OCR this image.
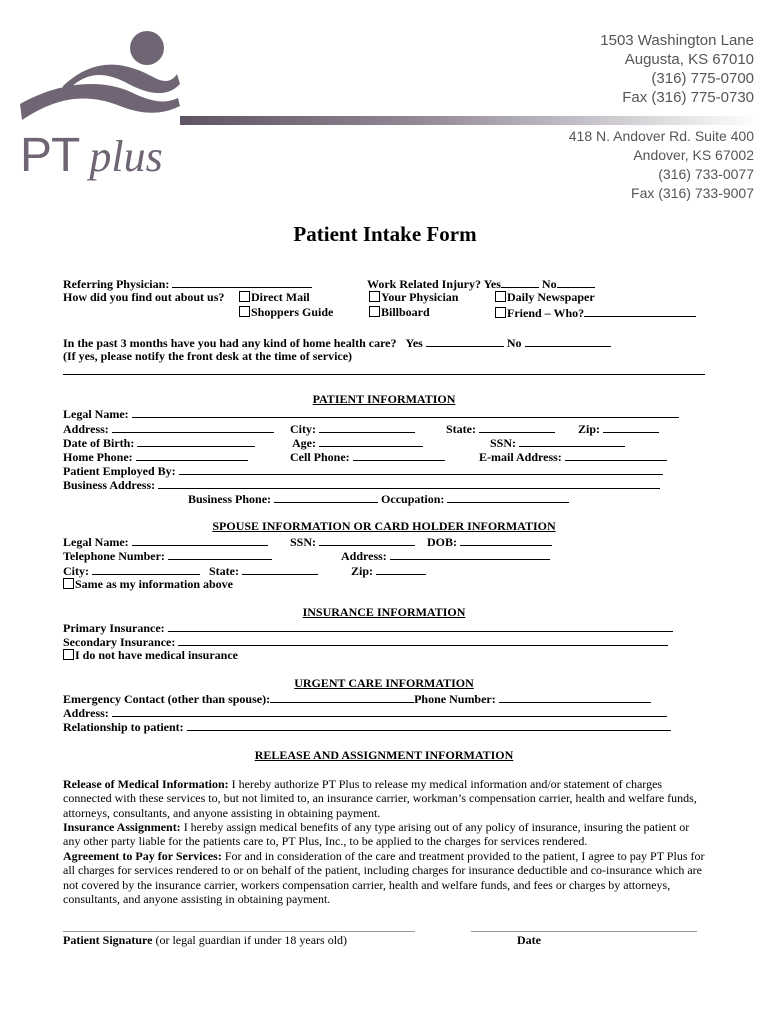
PT plus
1503 Washington Lane
Augusta, KS 67010
(316) 775-0700
Fax (316) 775-0730
418 N. Andover Rd. Suite 400
Andover, KS 67002
(316) 733-0077
Fax (316) 733-9007
Patient Intake Form
Referring Physician:	Work Related Injury? Yes	No
How did you find out about us?	Direct Mail	Your Physician	Daily Newspaper
Shoppers Guide	Billboard	Friend – Who?
In the past 3 months have you had any kind of home health care? Yes	No
(If yes, please notify the front desk at the time of service)
PATIENT INFORMATION
Legal Name:
Address:	City:	State:	Zip:
Date of Birth:	Age:	SSN:
Home Phone:	Cell Phone:	E-mail Address:
Patient Employed By:
Business Address:
Business Phone:	Occupation:
SPOUSE INFORMATION OR CARD HOLDER INFORMATION
Legal Name:	SSN:	DOB:
Telephone Number:	Address:
City:	State:	Zip:
Same as my information above
INSURANCE INFORMATION
Primary Insurance:
Secondary Insurance:
I do not have medical insurance
URGENT CARE INFORMATION
Emergency Contact (other than spouse):	Phone Number:
Address:
Relationship to patient:
RELEASE AND ASSIGNMENT INFORMATION
Release of Medical Information: I hereby authorize PT Plus to release my medical information and/or statement of charges connected with these services to, but not limited to, an insurance carrier, workman’s compensation carrier, health and welfare funds, attorneys, consultants, and anyone assisting in obtaining payment.
Insurance Assignment: I hereby assign medical benefits of any type arising out of any policy of insurance, insuring the patient or any other party liable for the patients care to, PT Plus, Inc., to be applied to the charges for services rendered.
Agreement to Pay for Services: For and in consideration of the care and treatment provided to the patient, I agree to pay PT Plus for all charges for services rendered to or on behalf of the patient, including charges for insurance deductible and co-insurance which are not covered by the insurance carrier, workers compensation carrier, health and welfare funds, and fees or charges by attorneys, consultants, and anyone assisting in obtaining payment.
Patient Signature (or legal guardian if under 18 years old)	Date
